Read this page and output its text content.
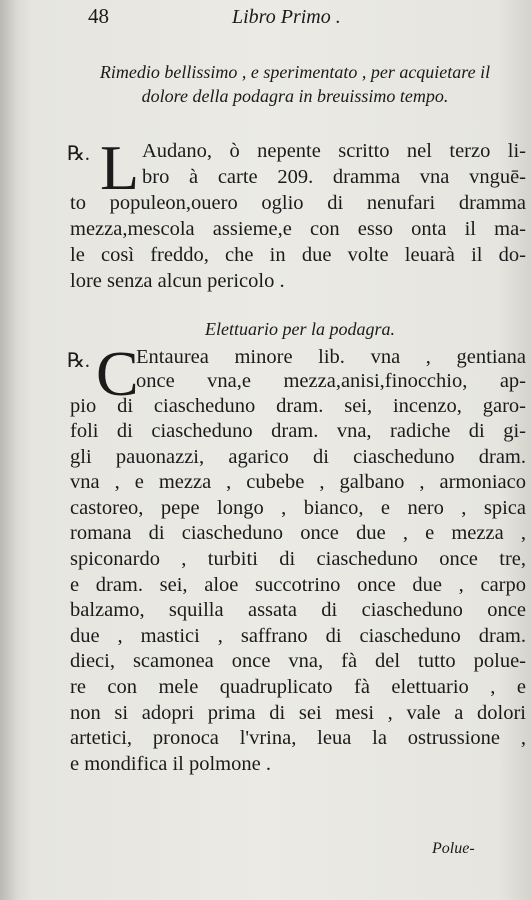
48	Libro Primo .
Rimedio bellissimo , e sperimentato , per acquietare il
dolore della podagra in breuissimo tempo.
℞. L Audano, ò nepente scritto nel terzo li-
bro à carte 209. dramma vna vnguē-
to populeon,ouero oglio di nenufari dramma
mezza,mescola assieme,e con esso onta il ma-
le così freddo, che in due volte leuarà il do-
lore senza alcun pericolo .
Elettuario per la podagra.
℞. C
Entaurea minore lib. vna , gentiana
once vna,e mezza,anisi,finocchio, ap-
pio di ciascheduno dram. sei, incenzo, garo-
foli di ciascheduno dram. vna, radiche di gi-
gli pauonazzi, agarico di ciascheduno dram.
vna , e mezza , cubebe , galbano , armoniaco
castoreo, pepe longo , bianco, e nero , spica
romana di ciascheduno once due , e mezza ,
spiconardo , turbiti di ciascheduno once tre,
e dram. sei, aloe succotrino once due , carpo
balzamo, squilla assata di ciascheduno once
due , mastici , saffrano di ciascheduno dram.
dieci, scamonea once vna, fà del tutto polue-
re con mele quadruplicato fà elettuario , e
non si adopri prima di sei mesi , vale a dolori
artetici, pronoca l'vrina, leua la ostrussione ,
e mondifica il polmone .
Polue-
